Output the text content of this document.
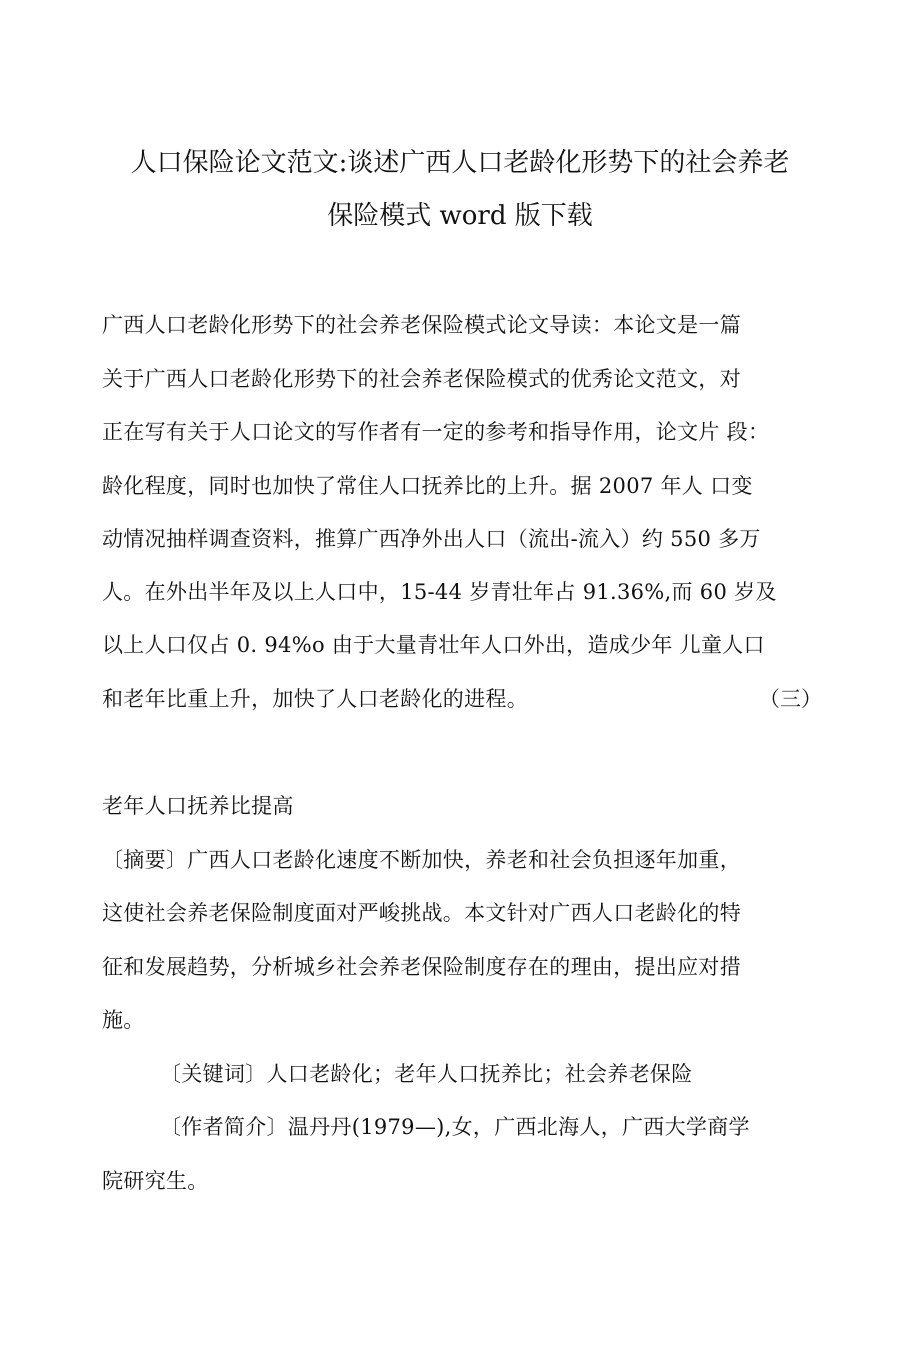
人口保险论文范文:谈述广西人口老龄化形势下的社会养老
保险模式 word 版下载
广西人口老龄化形势下的社会养老保险模式论文导读：本论文是一篇
关于广西人口老龄化形势下的社会养老保险模式的优秀论文范文，对
正在写有关于人口论文的写作者有一定的参考和指导作用，论文片 段：
龄化程度，同时也加快了常住人口抚养比的上升。据 2007 年人 口变
动情况抽样调查资料，推算广西净外出人口（流出-流入）约 550 多万
人。在外出半年及以上人口中，15-44 岁青壮年占 91.36%,而 60 岁及
以上人口仅占 0. 94%o 由于大量青壮年人口外出，造成少年 儿童人口
和老年比重上升，加快了人口老龄化的进程。	（三）
老年人口抚养比提高
〔摘要〕广西人口老龄化速度不断加快，养老和社会负担逐年加重，
这使社会养老保险制度面对严峻挑战。本文针对广西人口老龄化的特
征和发展趋势，分析城乡社会养老保险制度存在的理由，提出应对措
施。
〔关键词〕人口老龄化；老年人口抚养比；社会养老保险
〔作者简介〕温丹丹(1979—),女，广西北海人，广西大学商学
院研究生。
